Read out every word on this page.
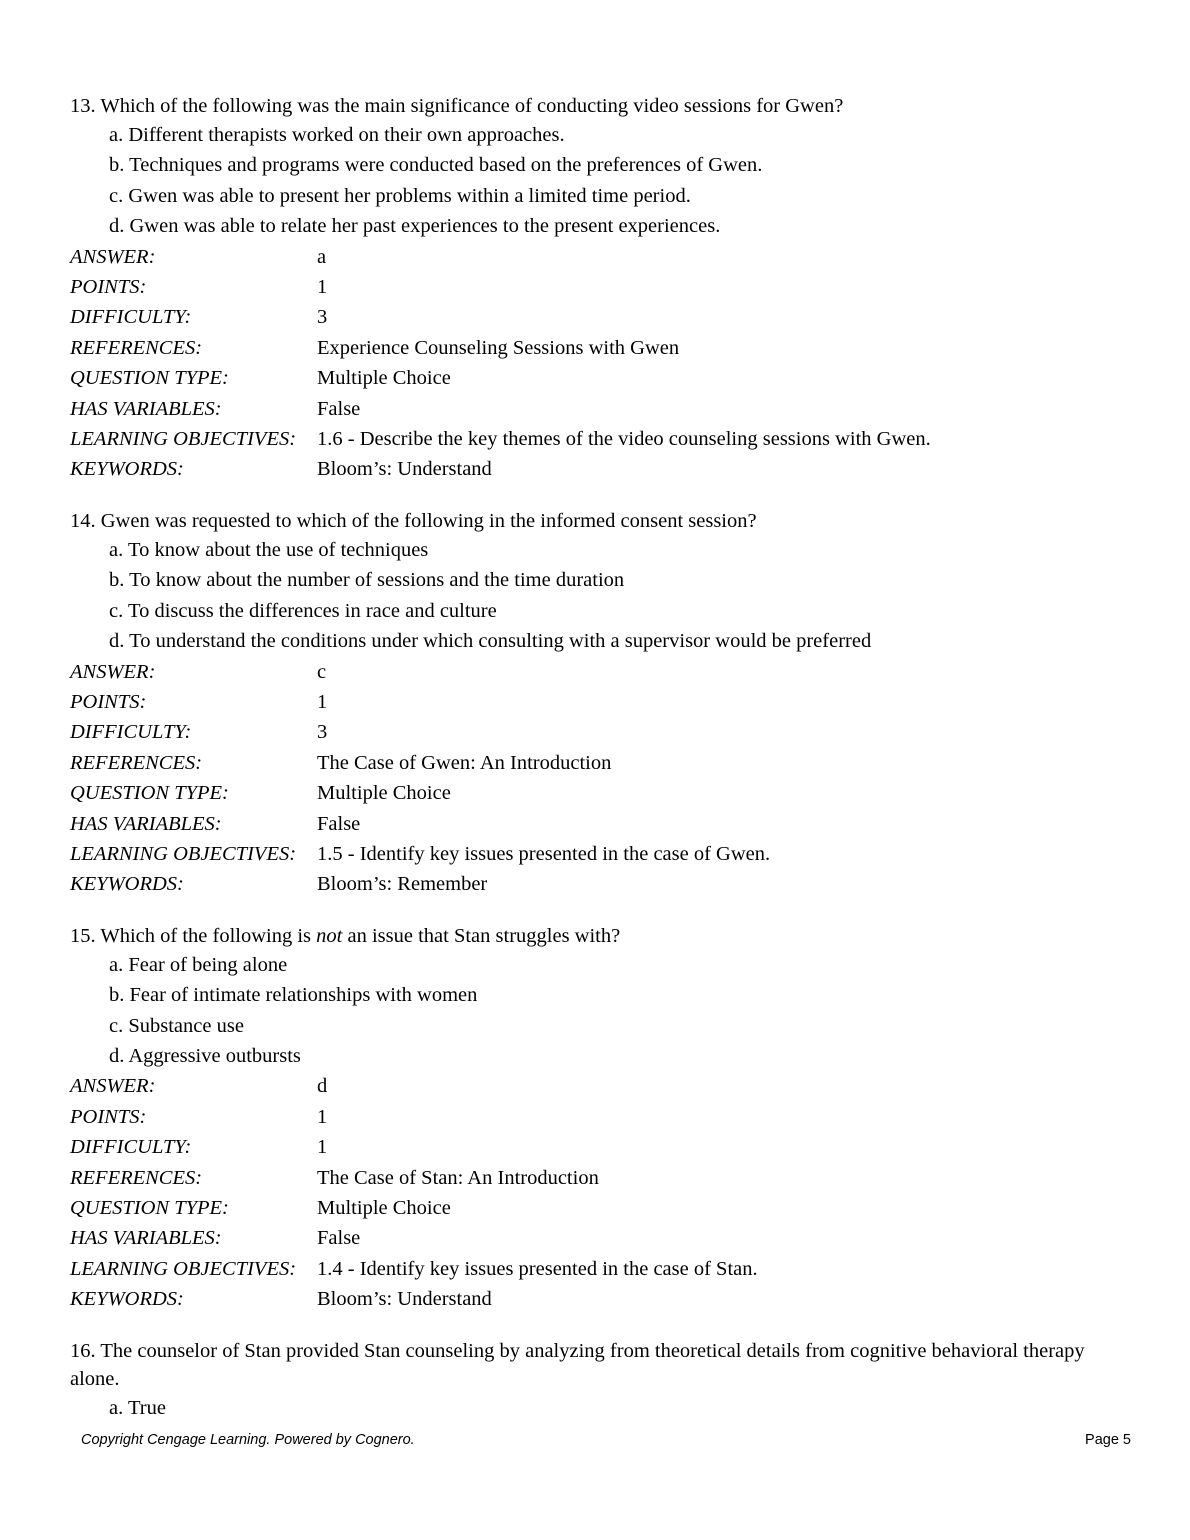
13. Which of the following was the main significance of conducting video sessions for Gwen?
a. Different therapists worked on their own approaches.
b. Techniques and programs were conducted based on the preferences of Gwen.
c. Gwen was able to present her problems within a limited time period.
d. Gwen was able to relate her past experiences to the present experiences.
ANSWER:	a
POINTS:	1
DIFFICULTY:	3
REFERENCES:	Experience Counseling Sessions with Gwen
QUESTION TYPE:	Multiple Choice
HAS VARIABLES:	False
LEARNING OBJECTIVES:	1.6 - Describe the key themes of the video counseling sessions with Gwen.
KEYWORDS:	Bloom’s: Understand
14. Gwen was requested to which of the following in the informed consent session?
a. To know about the use of techniques
b. To know about the number of sessions and the time duration
c. To discuss the differences in race and culture
d. To understand the conditions under which consulting with a supervisor would be preferred
ANSWER:	c
POINTS:	1
DIFFICULTY:	3
REFERENCES:	The Case of Gwen: An Introduction
QUESTION TYPE:	Multiple Choice
HAS VARIABLES:	False
LEARNING OBJECTIVES:	1.5 - Identify key issues presented in the case of Gwen.
KEYWORDS:	Bloom’s: Remember
15. Which of the following is not an issue that Stan struggles with?
a. Fear of being alone
b. Fear of intimate relationships with women
c. Substance use
d. Aggressive outbursts
ANSWER:	d
POINTS:	1
DIFFICULTY:	1
REFERENCES:	The Case of Stan: An Introduction
QUESTION TYPE:	Multiple Choice
HAS VARIABLES:	False
LEARNING OBJECTIVES:	1.4 - Identify key issues presented in the case of Stan.
KEYWORDS:	Bloom’s: Understand
16. The counselor of Stan provided Stan counseling by analyzing from theoretical details from cognitive behavioral therapy alone.
a. True
Copyright Cengage Learning. Powered by Cognero.	Page 5
